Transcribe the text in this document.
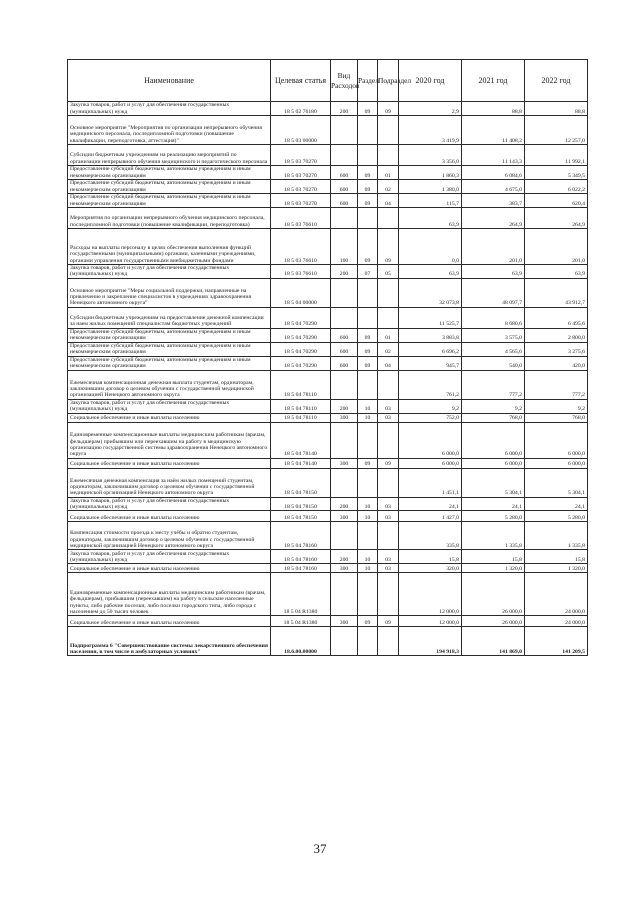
Наименование	Целевая статья	Вид Расходов	Раздел	Подраздел	2020 год	2021 год	2022 год
Закупка товаров, работ и услуг для обеспечения государственных (муниципальных) нужд	18 5 02 76180	200	09	09	2,9	88,8	88,8
Основное мероприятие "Мероприятия по организации непрерывного обучения медицинского персонала, последипломной подготовки (повышение квалификации, переподготовка, аттестация)"	18 5 03 00000				3 419,9	11 408,2	12 257,0
Субсидии бюджетным учреждениям на реализацию мероприятий по организации непрерывного обучения медицинского и педагогического персонала	18 5 03 70270				3 356,0	11 143,3	11 992,1
Предоставление субсидий бюджетным, автономным учреждениям и иным некоммерческим организациям	18 5 03 70270	600	09	01	1 860,3	6 084,6	5 349,5
Предоставление субсидий бюджетным, автономным учреждениям и иным некоммерческим организациям	18 5 03 70270	600	09	02	1 380,0	4 675,0	6 022,2
Предоставление субсидий бюджетным, автономным учреждениям и иным некоммерческим организациям	18 5 03 70270	600	09	04	115,7	383,7	620,4
Мероприятия по организации непрерывного обучения медицинского персонала, последипломной подготовки (повышение квалификации, переподготовка)	18 5 03 76610				63,9	264,9	264,9
Расходы на выплаты персоналу в целях обеспечения выполнения функций государственными (муниципальными) органами, казенными учреждениями, органами управления государственными внебюджетными фондами	18 5 03 76610	100	09	09	0,0	201,0	201,0
Закупка товаров, работ и услуг для обеспечения государственных (муниципальных) нужд	18 5 03 76610	200	07	05	63,9	63,9	63,9
Основное мероприятие "Меры социальной поддержки, направленные на привлечение и закрепление специалистов в учреждениях здравоохранения Ненецкого автономного округа"	18 5 04 00000				32 073,8	48 097,7	43 912,7
Субсидии бюджетным учреждениям на предоставление денежной компенсации за наем жилых помещений специалистам бюджетных учреждений	18 5 04 70290				11 525,7	8 680,6	6 495,6
Предоставление субсидий бюджетным, автономным учреждениям и иным некоммерческим организациям	18 5 04 70290	600	09	01	3 883,8	3 575,0	2 800,0
Предоставление субсидий бюджетным, автономным учреждениям и иным некоммерческим организациям	18 5 04 70290	600	09	02	6 696,2	4 565,6	3 275,6
Предоставление субсидий бюджетным, автономным учреждениям и иным некоммерческим организациям	18 5 04 70290	600	09	04	945,7	540,0	420,0
Ежемесячная компенсационная денежная выплата студентам, ординаторам, заключившим договор о целевом обучении с государственной медицинской организацией Ненецкого автономного округа	18 5 04 78110				761,2	777,2	777,2
Закупка товаров, работ и услуг для обеспечения государственных (муниципальных) нужд	18 5 04 78110	200	10	03	9,2	9,2	9,2
Социальное обеспечение и иные выплаты населению	18 5 04 78110	300	10	03	752,0	768,0	768,0
Единовременные компенсационные выплаты медицинским работникам (врачам, фельдшерам) прибывшим или переехавшим на работу в медицинскую организацию государственной системы здравоохранения Ненецкого автономного округа	18 5 04 78140				6 000,0	6 000,0	6 000,0
Социальное обеспечение и иные выплаты населению	18 5 04 78140	300	09	09	6 000,0	6 000,0	6 000,0
Ежемесячная денежная компенсация за наём жилых помещений студентам, ординаторам, заключившим договор о целевом обучении с государственной медицинской организацией Ненецкого автономного округа	18 5 04 78150				1 451,1	5 304,1	5 304,1
Закупка товаров, работ и услуг для обеспечения государственных (муниципальных) нужд	18 5 04 78150	200	10	03	24,1	24,1	24,1
Социальное обеспечение и иные выплаты населению	18 5 04 78150	300	10	03	1 427,0	5 280,0	5 280,0
Компенсация стоимости проезда к месту учёбы и обратно студентам, ординаторам, заключившим договор о целевом обучении с государственной медицинской организацией Ненецкого автономного округа	18 5 04 78160				335,8	1 335,8	1 335,8
Закупка товаров, работ и услуг для обеспечения государственных (муниципальных) нужд	18 5 04 78160	200	10	03	15,8	15,8	15,8
Социальное обеспечение и иные выплаты населению	18 5 04 78160	300	10	03	320,0	1 320,0	1 320,0
Единовременные компенсационные выплаты медицинским работникам (врачам, фельдшерам), прибывшим (переехавшим) на работу в сельские населенные пункты, либо рабочие поселки, либо поселки городского типа, либо города с населением до 50 тысяч человек	18 5 04 R1380				12 000,0	26 000,0	24 000,0
Социальное обеспечение и иные выплаты населению	18 5 04 R1380	300	09	09	12 000,0	26 000,0	24 000,0
Подпрограмма 6 "Совершенствование системы лекарственного обеспечения населения, в том числе в амбулаторных условиях"	18.6.00.00000				194 918,3	141 869,0	141 209,5
37
